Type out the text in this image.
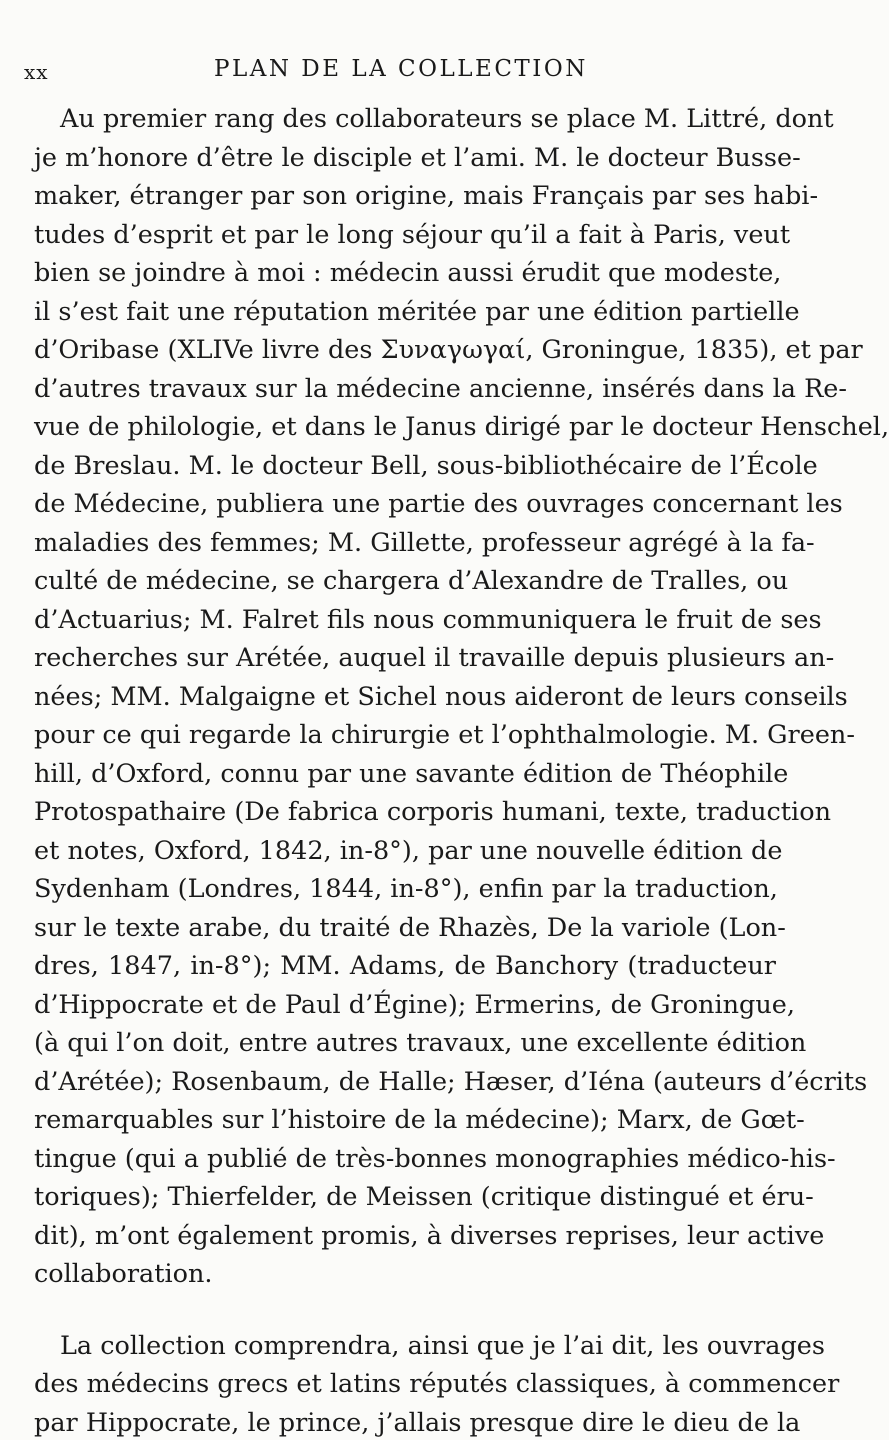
xx	PLAN DE LA COLLECTION
Au premier rang des collaborateurs se place M. Littré, dont
je m’honore d’être le disciple et l’ami. M. le docteur Busse-
maker, étranger par son origine, mais Français par ses habi-
tudes d’esprit et par le long séjour qu’il a fait à Paris, veut
bien se joindre à moi : médecin aussi érudit que modeste,
il s’est fait une réputation méritée par une édition partielle
d’Oribase (XLIVe livre des Συναγωγαί, Groningue, 1835), et par
d’autres travaux sur la médecine ancienne, insérés dans la Re-
vue de philologie, et dans le Janus dirigé par le docteur Henschel,
de Breslau. M. le docteur Bell, sous-bibliothécaire de l’École
de Médecine, publiera une partie des ouvrages concernant les
maladies des femmes; M. Gillette, professeur agrégé à la fa-
culté de médecine, se chargera d’Alexandre de Tralles, ou
d’Actuarius; M. Falret fils nous communiquera le fruit de ses
recherches sur Arétée, auquel il travaille depuis plusieurs an-
nées; MM. Malgaigne et Sichel nous aideront de leurs conseils
pour ce qui regarde la chirurgie et l’ophthalmologie. M. Green-
hill, d’Oxford, connu par une savante édition de Théophile
Protospathaire (De fabrica corporis humani, texte, traduction
et notes, Oxford, 1842, in-8°), par une nouvelle édition de
Sydenham (Londres, 1844, in-8°), enfin par la traduction,
sur le texte arabe, du traité de Rhazès, De la variole (Lon-
dres, 1847, in-8°); MM. Adams, de Banchory (traducteur
d’Hippocrate et de Paul d’Égine); Ermerins, de Groningue,
(à qui l’on doit, entre autres travaux, une excellente édition
d’Arétée); Rosenbaum, de Halle; Hæser, d’Iéna (auteurs d’écrits
remarquables sur l’histoire de la médecine); Marx, de Gœt-
tingue (qui a publié de très-bonnes monographies médico-his-
toriques); Thierfelder, de Meissen (critique distingué et éru-
dit), m’ont également promis, à diverses reprises, leur active
collaboration.
La collection comprendra, ainsi que je l’ai dit, les ouvrages
des médecins grecs et latins réputés classiques, à commencer
par Hippocrate, le prince, j’allais presque dire le dieu de la
